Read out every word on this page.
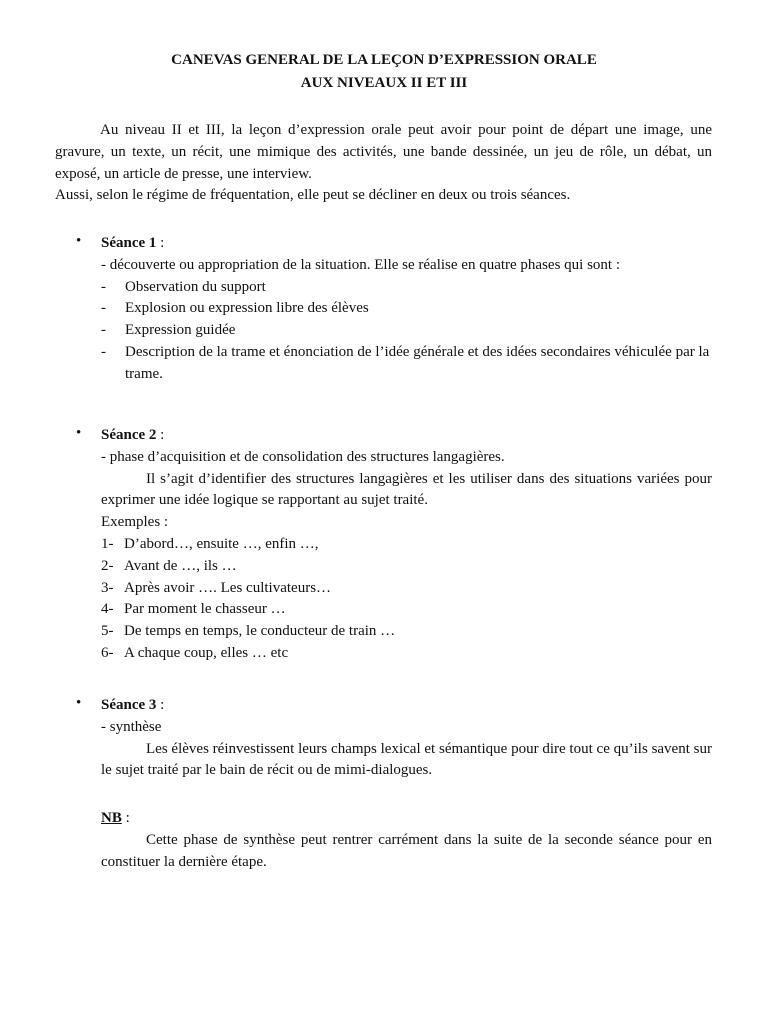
CANEVAS GENERAL DE LA LEÇON D’EXPRESSION ORALE
AUX NIVEAUX II ET III
Au niveau II et III, la leçon d’expression orale peut avoir pour point de départ une image, une gravure, un texte, un récit, une mimique des activités, une bande dessinée, un jeu de rôle, un débat, un exposé, un article de presse, une interview.
Aussi, selon le régime de fréquentation, elle peut se décliner en deux ou trois séances.
• Séance 1 :
- découverte ou appropriation de la situation. Elle se réalise en quatre phases qui sont :
- Observation du support
- Explosion ou expression libre des élèves
- Expression guidée
- Description de la trame et énonciation de l’idée générale et des idées secondaires véhiculée par la trame.
• Séance 2 :
- phase d’acquisition et de consolidation des structures langagières.
Il s’agit d’identifier des structures langagières et les utiliser dans des situations variées pour exprimer une idée logique se rapportant au sujet traité.
Exemples :
1- D’abord…, ensuite …, enfin …,
2- Avant de …, ils …
3- Après avoir …. Les cultivateurs…
4- Par moment le chasseur …
5- De temps en temps, le conducteur de train …
6- A chaque coup, elles … etc
• Séance 3 :
- synthèse
Les élèves réinvestissent leurs champs lexical et sémantique pour dire tout ce qu’ils savent sur le sujet traité par le bain de récit ou de mimi-dialogues.
NB :
Cette phase de synthèse peut rentrer carrément dans la suite de la seconde séance pour en constituer la dernière étape.
